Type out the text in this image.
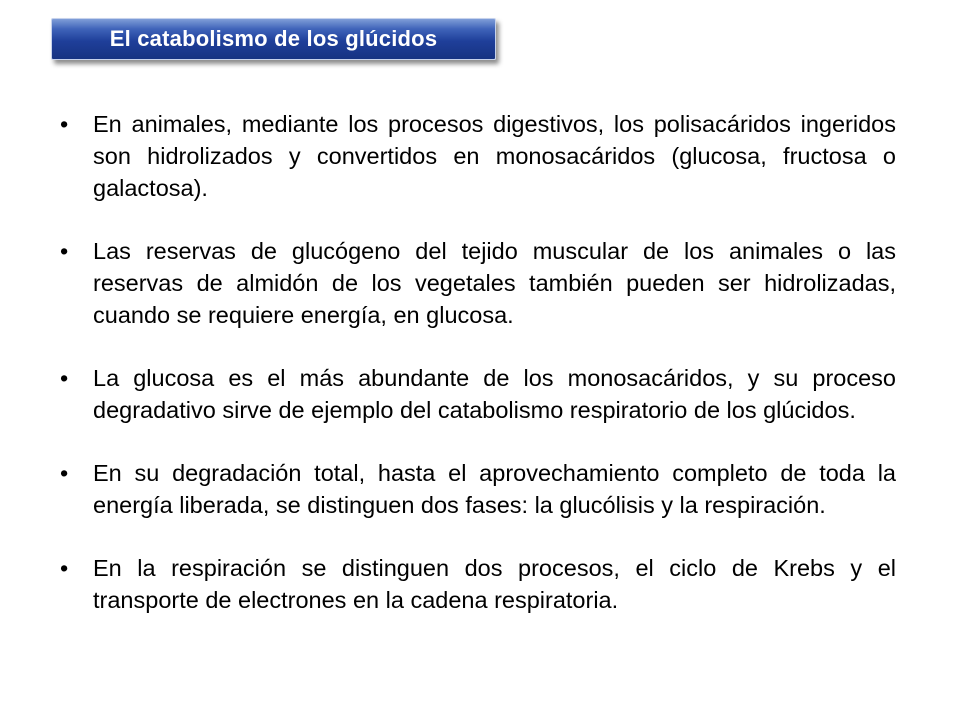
El catabolismo de los glúcidos
•	En animales, mediante los procesos digestivos, los polisacáridos ingeridos son hidrolizados y convertidos en monosacáridos (glucosa, fructosa o galactosa).
•	Las reservas de glucógeno del tejido muscular de los animales o las reservas de almidón de los vegetales también pueden ser hidrolizadas, cuando se requiere energía, en glucosa.
•	La glucosa es el más abundante de los monosacáridos, y su proceso degradativo sirve de ejemplo del catabolismo respiratorio de los glúcidos.
•	En su degradación total, hasta el aprovechamiento completo de toda la energía liberada, se distinguen dos fases: la glucólisis y la respiración.
•	En la respiración se distinguen dos procesos, el ciclo de Krebs y el transporte de electrones en la cadena respiratoria.
